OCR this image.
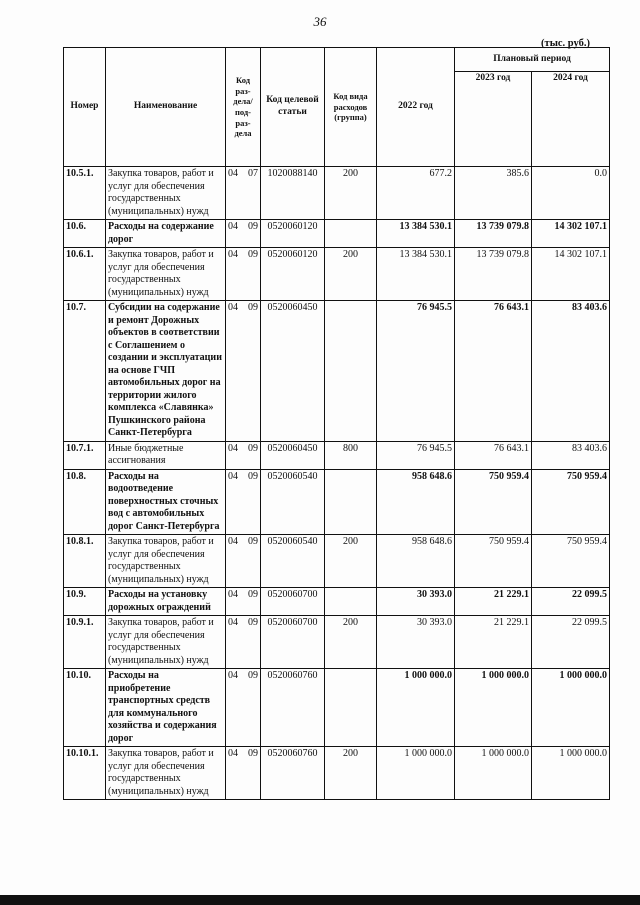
36
(тыс. руб.)
Номер	Наименование	Код раз-дела/ под-раз-дела	Код целевой статьи	Код вида расходов (группа)	2022 год	Плановый период	
						2023 год	2024 год
10.5.1.	Закупка товаров, работ и услуг для обеспечения государственных (муниципальных) нужд	04 07	1020088140	200	677.2	385.6	0.0
10.6.	Расходы на содержание дорог	04 09	0520060120		13 384 530.1	13 739 079.8	14 302 107.1
10.6.1.	Закупка товаров, работ и услуг для обеспечения государственных (муниципальных) нужд	04 09	0520060120	200	13 384 530.1	13 739 079.8	14 302 107.1
10.7.	Субсидии на содержание и ремонт Дорожных объектов в соответствии с Соглашением о создании и эксплуатации на основе ГЧП автомобильных дорог на территории жилого комплекса «Славянка» Пушкинского района Санкт-Петербурга	04 09	0520060450		76 945.5	76 643.1	83 403.6
10.7.1.	Иные бюджетные ассигнования	04 09	0520060450	800	76 945.5	76 643.1	83 403.6
10.8.	Расходы на водоотведение поверхностных сточных вод с автомобильных дорог Санкт-Петербурга	04 09	0520060540		958 648.6	750 959.4	750 959.4
10.8.1.	Закупка товаров, работ и услуг для обеспечения государственных (муниципальных) нужд	04 09	0520060540	200	958 648.6	750 959.4	750 959.4
10.9.	Расходы на установку дорожных ограждений	04 09	0520060700		30 393.0	21 229.1	22 099.5
10.9.1.	Закупка товаров, работ и услуг для обеспечения государственных (муниципальных) нужд	04 09	0520060700	200	30 393.0	21 229.1	22 099.5
10.10.	Расходы на приобретение транспортных средств для коммунального хозяйства и содержания дорог	04 09	0520060760		1 000 000.0	1 000 000.0	1 000 000.0
10.10.1.	Закупка товаров, работ и услуг для обеспечения государственных (муниципальных) нужд	04 09	0520060760	200	1 000 000.0	1 000 000.0	1 000 000.0
